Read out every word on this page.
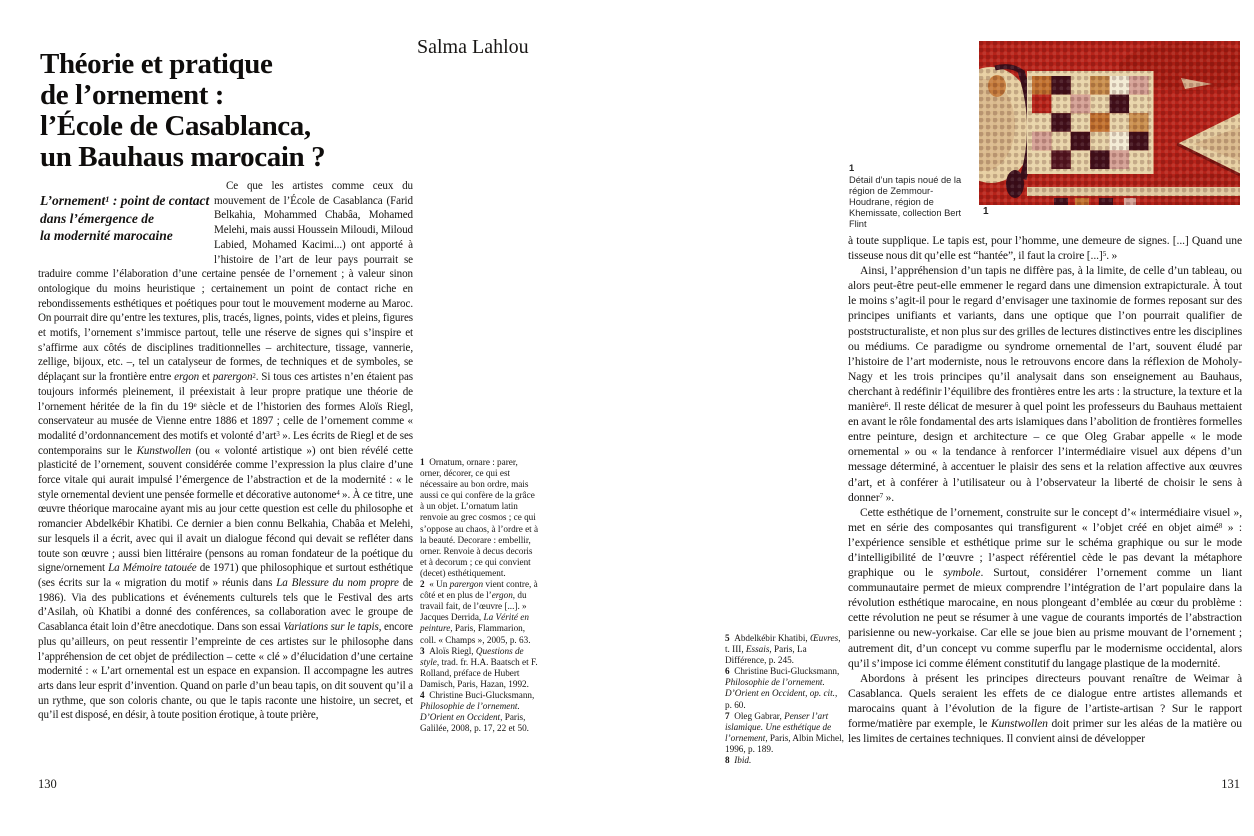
Théorie et pratique
de l’ornement :
l’École de Casablanca,
un Bauhaus marocain ?
Salma Lahlou
L’ornement$^1$ : point de contact
dans l’émergence de
la modernité marocaine

Ce que les artistes comme ceux du mouvement de l’École de Casablanca (Farid Belkahia, Mohammed Chabâa, Mohamed Melehi, mais aussi Houssein Miloudi, Miloud Labied, Mohamed Kacimi...) ont apporté à l’histoire de l’art de leur pays pourrait se traduire comme l’élaboration d’une certaine pensée de l’ornement ; à valeur sinon ontologique du moins heuristique ; certainement un point de contact riche en rebondissements esthétiques et poétiques pour tout le mouvement moderne au Maroc. On pourrait dire qu’entre les textures, plis, tracés, lignes, points, vides et pleins, figures et motifs, l’ornement s’immisce partout, telle une réserve de signes qui s’inspire et s’affirme aux côtés de disciplines traditionnelles – architecture, tissage, vannerie, zellige, bijoux, etc. –, tel un catalyseur de formes, de techniques et de symboles, se déplaçant sur la frontière entre ergon et parergon$^2$. Si tous ces artistes n’en étaient pas toujours informés pleinement, il préexistait à leur propre pratique une théorie de l’ornement héritée de la fin du 19e siècle et de l’historien des formes Aloïs Riegl, conservateur au musée de Vienne entre 1886 et 1897 ; celle de l’ornement comme « modalité d’ordonnancement des motifs et volonté d’art$^3$ ». Les écrits de Riegl et de ses contemporains sur le Kunstwollen (ou « volonté artistique ») ont bien révélé cette plasticité de l’ornement, souvent considérée comme l’expression la plus claire d’une force vitale qui aurait impulsé l’émergence de l’abstraction et de la modernité : « le style ornemental devient une pensée formelle et décorative autonome$^4$ ». À ce titre, une œuvre théorique marocaine ayant mis au jour cette question est celle du philosophe et romancier Abdelkébir Khatibi. Ce dernier a bien connu Belkahia, Chabâa et Melehi, sur lesquels il a écrit, avec qui il avait un dialogue fécond qui devait se refléter dans toute son œuvre ; aussi bien littéraire (pensons au roman fondateur de la poétique du signe/ornement La Mémoire tatouée de 1971) que philosophique et surtout esthétique (ses écrits sur la « migration du motif » réunis dans La Blessure du nom propre de 1986). Via des publications et événements culturels tels que le Festival des arts d’Asilah, où Khatibi a donné des conférences, sa collaboration avec le groupe de Casablanca était loin d’être anecdotique. Dans son essai Variations sur le tapis, encore plus qu’ailleurs, on peut ressentir l’empreinte de ces artistes sur le philosophe dans l’appréhension de cet objet de prédilection – cette « clé » d’élucidation d’une certaine modernité : « L’art ornemental est un espace en expansion. Il accompagne les autres arts dans leur esprit d’invention. Quand on parle d’un beau tapis, on dit souvent qu’il a un rythme, que son coloris chante, ou que le tapis raconte une histoire, un secret, et qu’il est disposé, en désir, à toute position érotique, à toute prière,

1  Ornatum, ornare : parer, orner, décorer, ce qui est nécessaire au bon ordre, mais aussi ce qui confère de la grâce à un objet. L’ornatum latin renvoie au grec cosmos ; ce qui s’oppose au chaos, à l’ordre et à la beauté. Decorare : embellir, orner. Renvoie à decus decoris et à decorum ; ce qui convient (decet) esthétiquement.

2  « Un parergon vient contre, à côté et en plus de l’ergon, du travail fait, de l’œuvre [...]. » Jacques Derrida, La Vérité en peinture, Paris, Flammarion, coll. « Champs », 2005, p. 63.

3  Aloïs Riegl, Questions de style, trad. fr. H.A. Baatsch et F. Rolland, préface de Hubert Damisch, Paris, Hazan, 1992.

4  Christine Buci-Glucksmann, Philosophie de l’ornement. D’Orient en Occident, Paris, Galilée, 2008, p. 17, 22 et 50.

5  Abdelkébir Khatibi, Œuvres, t. III, Essais, Paris, La Différence, p. 245.

6  Christine Buci-Glucksmann, Philosophie de l’ornement. D’Orient en Occident, op. cit., p. 60.

7  Oleg Gabrar, Penser l’art islamique. Une esthétique de l’ornement, Paris, Albin Michel, 1996, p. 189.

8  Ibid.

130
1
1
Détail d’un tapis noué de la région de Zemmour-Houdrane, région de Khemissate, collection Bert Flint

à toute supplique. Le tapis est, pour l’homme, une demeure de signes. [...] Quand une tisseuse nous dit qu’elle est “hantée”, il faut la croire [...]$^5$. »

Ainsi, l’appréhension d’un tapis ne diffère pas, à la limite, de celle d’un tableau, ou alors peut-être peut-elle emmener le regard dans une dimension extrapicturale. À tout le moins s’agit-il pour le regard d’envisager une taxinomie de formes reposant sur des principes unifiants et variants, dans une optique que l’on pourrait qualifier de poststructuraliste, et non plus sur des grilles de lectures distinctives entre les disciplines ou médiums. Ce paradigme ou syndrome ornemental de l’art, souvent éludé par l’histoire de l’art moderniste, nous le retrouvons encore dans la réflexion de Moholy-Nagy et les trois principes qu’il analysait dans son enseignement au Bauhaus, cherchant à redéfinir l’équilibre des frontières entre les arts : la structure, la texture et la manière$^6$. Il reste délicat de mesurer à quel point les professeurs du Bauhaus mettaient en avant le rôle fondamental des arts islamiques dans l’abolition de frontières formelles entre peinture, design et architecture – ce que Oleg Grabar appelle « le mode ornemental » ou « la tendance à renforcer l’intermédiaire visuel aux dépens d’un message déterminé, à accentuer le plaisir des sens et la relation affective aux œuvres d’art, et à conférer à l’utilisateur ou à l’observateur la liberté de choisir le sens à donner$^7$ ».

Cette esthétique de l’ornement, construite sur le concept d’« intermédiaire visuel », met en série des composantes qui transfigurent « l’objet créé en objet aimé$^8$ » : l’expérience sensible et esthétique prime sur le schéma graphique ou sur le mode d’intelligibilité de l’œuvre ; l’aspect référentiel cède le pas devant la métaphore graphique ou le symbole. Surtout, considérer l’ornement comme un liant communautaire permet de mieux comprendre l’intégration de l’art populaire dans la révolution esthétique marocaine, en nous plongeant d’emblée au cœur du problème : cette révolution ne peut se résumer à une vague de courants importés de l’abstraction parisienne ou new-yorkaise. Car elle se joue bien au prisme mouvant de l’ornement ; autrement dit, d’un concept vu comme superflu par le modernisme occidental, alors qu’il s’impose ici comme élément constitutif du langage plastique de la modernité.

Abordons à présent les principes directeurs pouvant renaître de Weimar à Casablanca. Quels seraient les effets de ce dialogue entre artistes allemands et marocains quant à l’évolution de la figure de l’artiste-artisan ? Sur le rapport forme/matière par exemple, le Kunstwollen doit primer sur les aléas de la matière ou les limites de certaines techniques. Il convient ainsi de développer

131
